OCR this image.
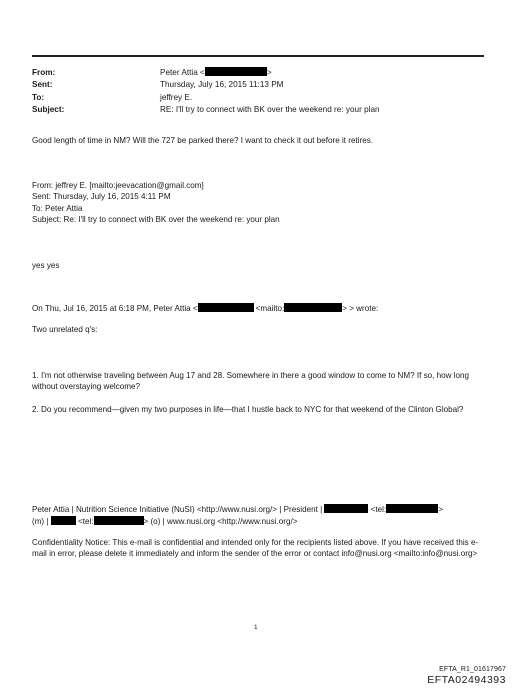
From:	Peter Attia <	>
Sent:	Thursday, July 16, 2015 11:13 PM
To:	jeffrey E.
Subject:	RE: I'll try to connect with BK over the weekend re: your plan
Good length of time in NM? Will the 727 be parked there? I want to check it out before it retires.
From: jeffrey E. [mailto:jeevacation@gmail.com]
Sent: Thursday, July 16, 2015 4:11 PM
To: Peter Attia
Subject: Re: I'll try to connect with BK over the weekend re: your plan
yes yes
On Thu, Jul 16, 2015 at 6:18 PM, Peter Attia <	<mailto:	> > wrote:
Two unrelated q's:
1. I'm not otherwise traveling between Aug 17 and 28. Somewhere in there a good window to come to NM? If so, how long without overstaying welcome?
2. Do you recommend—given my two purposes in life—that I hustle back to NYC for that weekend of the Clinton Global?
Peter Attia | Nutrition Science Initiative (NuSI) <http://www.nusi.org/> | President |	<tel:	>
(m) |	<tel:	> (o) | www.nusi.org <http://www.nusi.org/>
Confidentiality Notice: This e-mail is confidential and intended only for the recipients listed above. If you have received this e-mail in error, please delete it immediately and inform the sender of the error or contact info@nusi.org <mailto:info@nusi.org>
1
EFTA_R1_01617967
EFTA02494393
